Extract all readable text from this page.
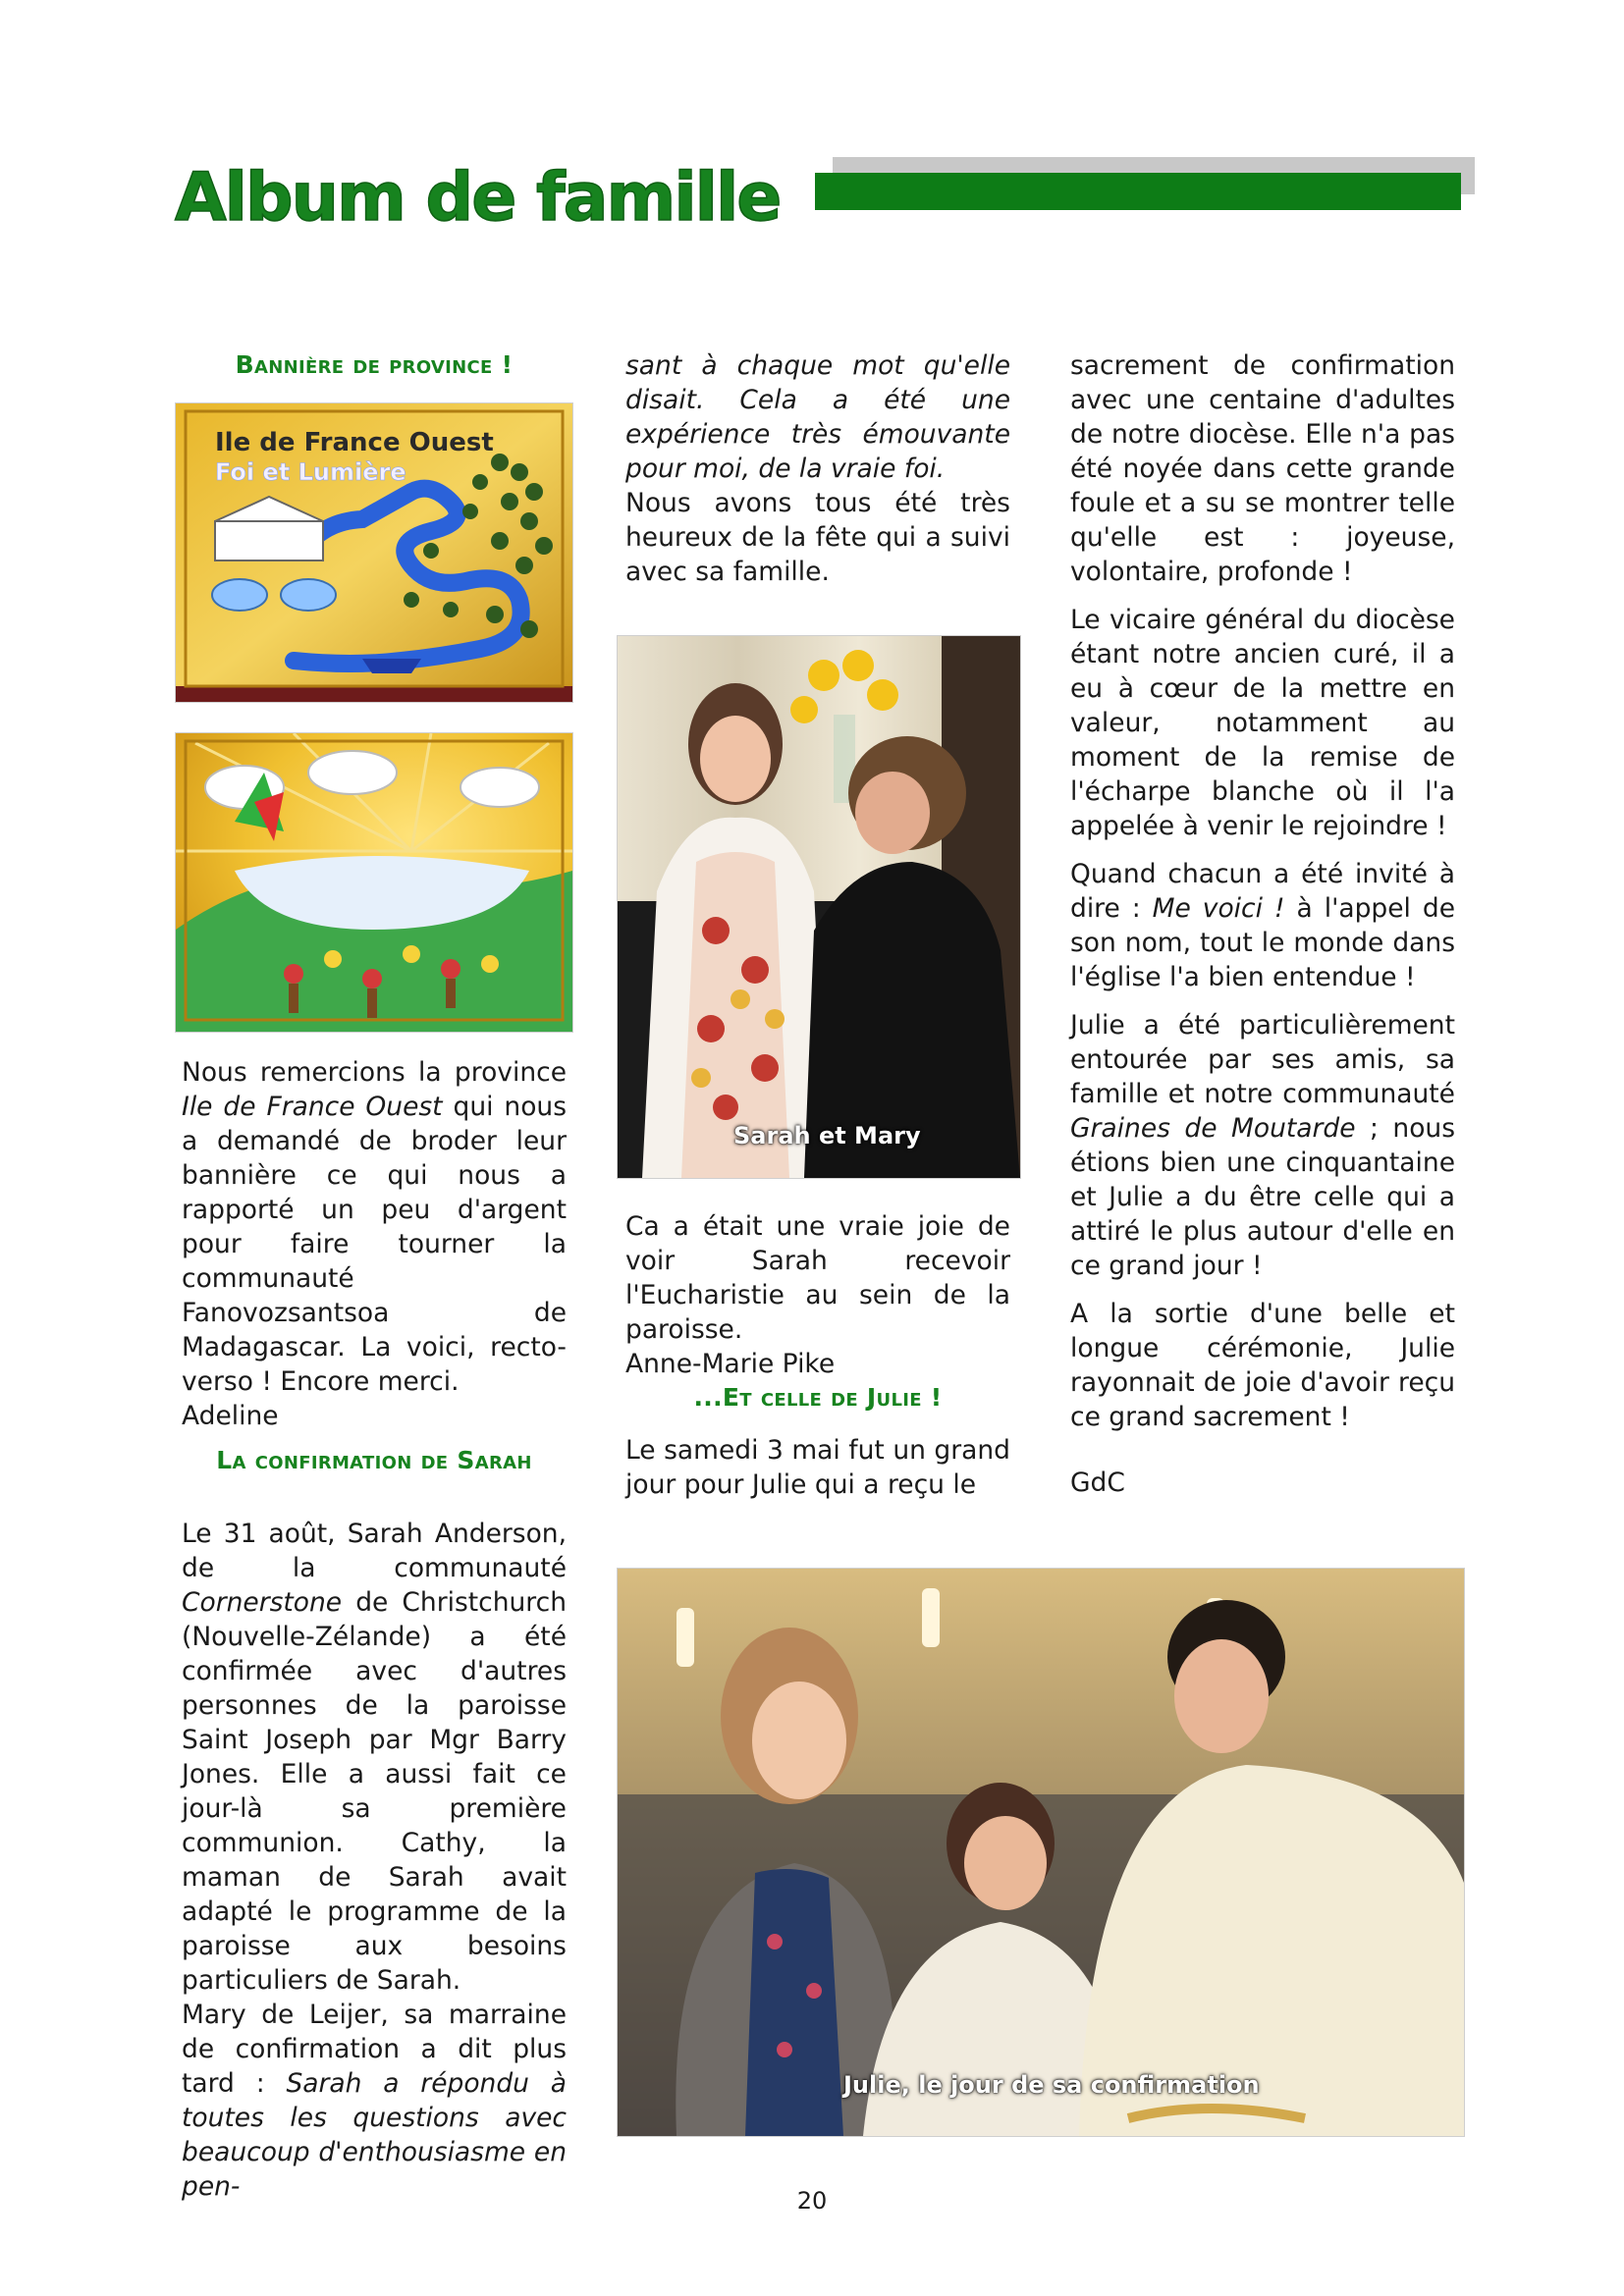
Album de famille
Bannière de province !
Ile de France Ouest
Foi et Lumière

Nous remercions la province Ile de France Ouest qui nous a demandé de broder leur bannière ce qui nous a rapporté un peu d'argent pour faire tourner la communauté Fanovozsantsoa de Madagascar. La voici, recto-verso ! Encore merci.

Adeline

La confirmation de Sarah

Le 31 août, Sarah Anderson, de la communauté Cornerstone de Christchurch (Nouvelle-Zélande) a été confirmée avec d'autres personnes de la paroisse Saint Joseph par Mgr Barry Jones. Elle a aussi fait ce jour-là sa première communion. Cathy, la maman de Sarah avait adapté le programme de la paroisse aux besoins particuliers de Sarah.

Mary de Leijer, sa marraine de confirmation a dit plus tard : Sarah a répondu à toutes les questions avec beaucoup d'enthousiasme en pen-

sant à chaque mot qu'elle disait. Cela a été une expérience très émouvante pour moi, de la vraie foi.

Nous avons tous été très heureux de la fête qui a suivi avec sa famille.

Sarah et Mary

Ca a était une vraie joie de voir Sarah recevoir l'Eucharistie au sein de la paroisse.

Anne-Marie Pike

...Et celle de Julie !

Le samedi 3 mai fut un grand jour pour Julie qui a reçu le

sacrement de confirmation avec une centaine d'adultes de notre diocèse. Elle n'a pas été noyée dans cette grande foule et a su se montrer telle qu'elle est : joyeuse, volontaire, profonde !

Le vicaire général du diocèse étant notre ancien curé, il a eu à cœur de la mettre en valeur, notamment au moment de la remise de l'écharpe blanche où il l'a appelée à venir le rejoindre !

Quand chacun a été invité à dire : Me voici ! à l'appel de son nom, tout le monde dans l'église l'a bien entendue !

Julie a été particulièrement entourée par ses amis, sa famille et notre communauté Graines de Moutarde ; nous étions bien une cinquantaine et Julie a du être celle qui a attiré le plus autour d'elle en ce grand jour !

A la sortie d'une belle et longue cérémonie, Julie rayonnait de joie d'avoir reçu ce grand sacrement !

GdC

Julie, le jour de sa confirmation
20
